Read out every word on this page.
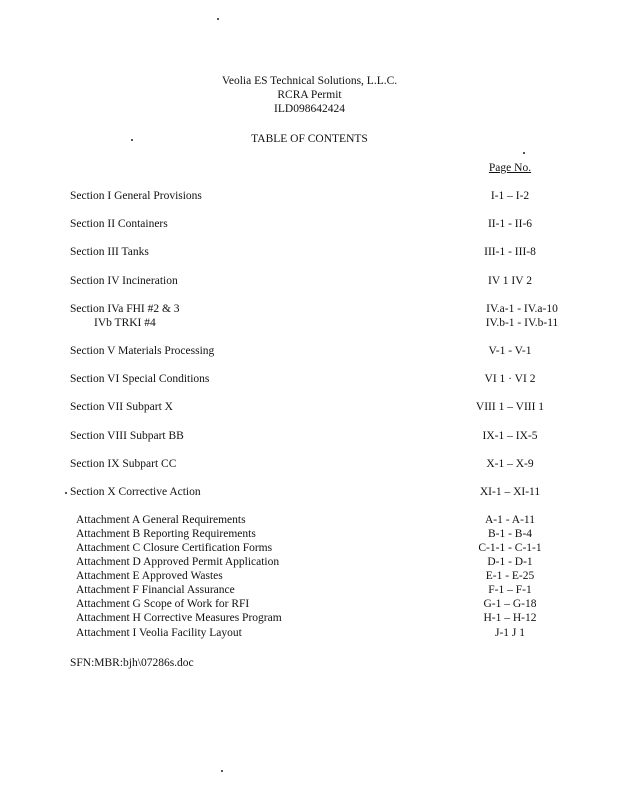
Veolia ES Technical Solutions, L.L.C.
RCRA Permit
ILD098642424
TABLE OF CONTENTS
Page No.
Section I General Provisions	I-1 – I-2
Section II Containers	II-1 - II-6
Section III Tanks	III-1 - III-8
Section IV Incineration	IV 1 IV 2
Section IVa FHI #2 & 3	IV.a-1 - IV.a-10
IVb TRKI #4	IV.b-1 - IV.b-11
Section V Materials Processing	V-1 - V-1
Section VI Special Conditions	VI 1 · VI 2
Section VII Subpart X	VIII 1 – VIII 1
Section VIII Subpart BB	IX-1 – IX-5
Section IX Subpart CC	X-1 – X-9
Section X Corrective Action	XI-1 – XI-11
Attachment A General Requirements	A-1 - A-11
Attachment B Reporting Requirements	B-1 - B-4
Attachment C Closure Certification Forms	C-1-1 - C-1-1
Attachment D Approved Permit Application	D-1 - D-1
Attachment E Approved Wastes	E-1 - E-25
Attachment F Financial Assurance	F-1 – F-1
Attachment G Scope of Work for RFI	G-1 – G-18
Attachment H Corrective Measures Program	H-1 – H-12
Attachment I Veolia Facility Layout	J-1 J 1
SFN:MBR:bjh\07286s.doc
